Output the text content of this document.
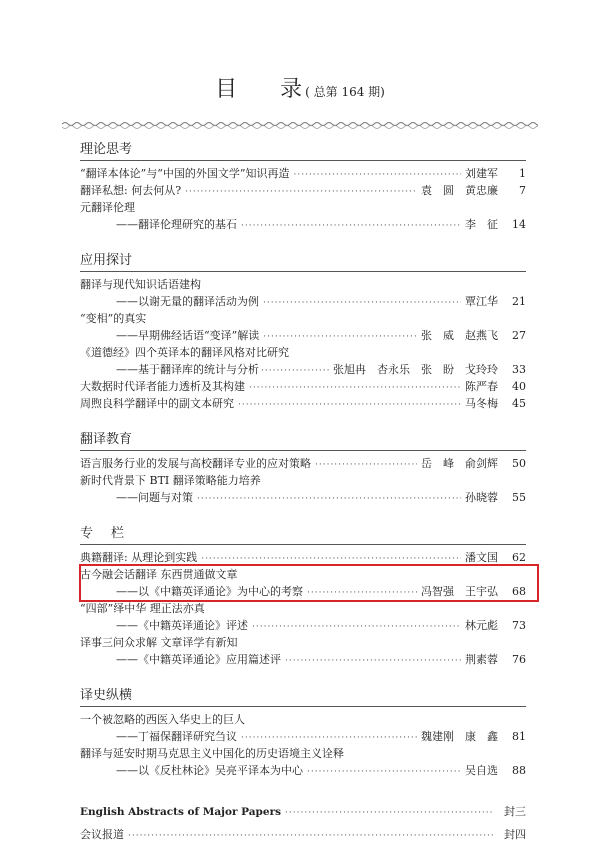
目 录 ( 总第 164 期)
理论思考
“翻译本体论”与“中国的外国文学”知识再造 ·····	刘建军	1
翻译私想: 何去何从? ·····	袁　圆　黄忠廉	7
元翻译伦理
——翻译伦理研究的基石 ·····	李　征	14
应用探讨
翻译与现代知识话语建构
——以谢无量的翻译活动为例 ·····	覃江华	21
“变相”的真实
——早期佛经话语“变译”解读 ·····	张　威　赵燕飞	27
《道德经》四个英译本的翻译风格对比研究
——基于翻译库的统计与分析 ·····	张旭冉　杏永乐　张　盼　戈玲玲	33
大数据时代译者能力透析及其构建 ·····	陈严春	40
周煦良科学翻译中的副文本研究 ·····	马冬梅	45
翻译教育
语言服务行业的发展与高校翻译专业的应对策略 ·····	岳　峰　俞剑辉	50
新时代背景下 BTI 翻译策略能力培养
——问题与对策 ·····	孙晓蓉	55
专栏
典籍翻译: 从理论到实践 ·····	潘文国	62
古今融会话翻译 东西贯通做文章
——以《中籍英译通论》为中心的考察 ·····	冯智强　王宇弘	68
“四部”绎中华 理正法亦真
——《中籍英译通论》评述 ·····	林元彪	73
译事三问众求解 文章译学有新知
——《中籍英译通论》应用篇述评 ·····	荆素蓉	76
译史纵横
一个被忽略的西医入华史上的巨人
——丁福保翻译研究刍议 ·····	魏建刚　康　鑫	81
翻译与延安时期马克思主义中国化的历史语境主义诠释
——以《反杜林论》吴亮平译本为中心 ·····	吴自选	88
English Abstracts of Major Papers ·····	封三
会议报道 ·····	封四
